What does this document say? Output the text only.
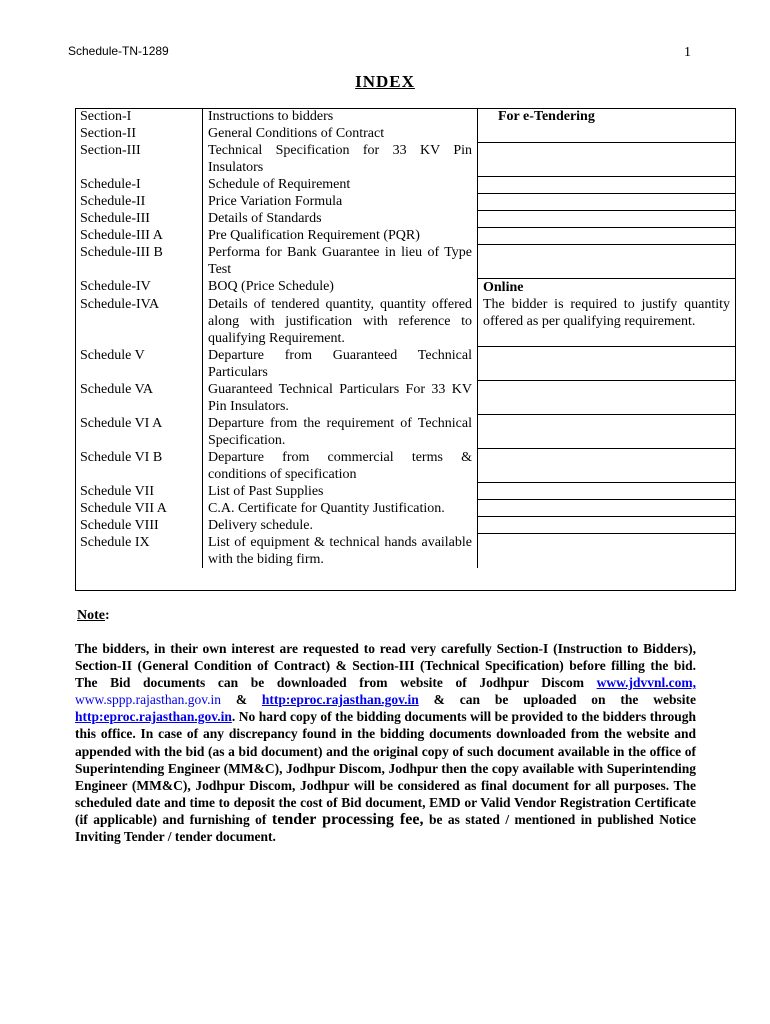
Schedule-TN-1289	1
INDEX
Section-I	Instructions to bidders	For e-Tendering
Section-II	General Conditions of Contract	
Section-III	Technical Specification for 33 KV Pin Insulators	
Schedule-I	Schedule of Requirement	
Schedule-II	Price Variation Formula	
Schedule-III	Details of Standards	
Schedule-III A	Pre Qualification Requirement (PQR)	
Schedule-III B	Performa for Bank Guarantee in lieu of Type Test	
Schedule-IV	BOQ (Price Schedule)	Online
Schedule-IVA	Details of tendered quantity, quantity offered along with justification with reference to qualifying Requirement.	The bidder is required to justify quantity offered as per qualifying requirement.
Schedule V	Departure from Guaranteed Technical Particulars	
Schedule VA	Guaranteed Technical Particulars For 33 KV Pin Insulators.	
Schedule VI A	Departure from the requirement of Technical Specification.	
Schedule VI B	Departure from commercial terms & conditions of specification	
Schedule VII	List of Past Supplies	
Schedule VII A	C.A. Certificate for Quantity Justification.	
Schedule VIII	Delivery schedule.	
Schedule IX	List of equipment & technical hands available with the biding firm.	
Note:
The bidders, in their own interest are requested to read very carefully Section-I (Instruction to Bidders), Section-II (General Condition of Contract) & Section-III (Technical Specification) before filling the bid. The Bid documents can be downloaded from website of Jodhpur Discom www.jdvvnl.com, www.sppp.rajasthan.gov.in & http:eproc.rajasthan.gov.in & can be uploaded on the website http:eproc.rajasthan.gov.in. No hard copy of the bidding documents will be provided to the bidders through this office. In case of any discrepancy found in the bidding documents downloaded from the website and appended with the bid (as a bid document) and the original copy of such document available in the office of Superintending Engineer (MM&C), Jodhpur Discom, Jodhpur then the copy available with Superintending Engineer (MM&C), Jodhpur Discom, Jodhpur will be considered as final document for all purposes. The scheduled date and time to deposit the cost of Bid document, EMD or Valid Vendor Registration Certificate (if applicable) and furnishing of tender processing fee, be as stated / mentioned in published Notice Inviting Tender / tender document.
